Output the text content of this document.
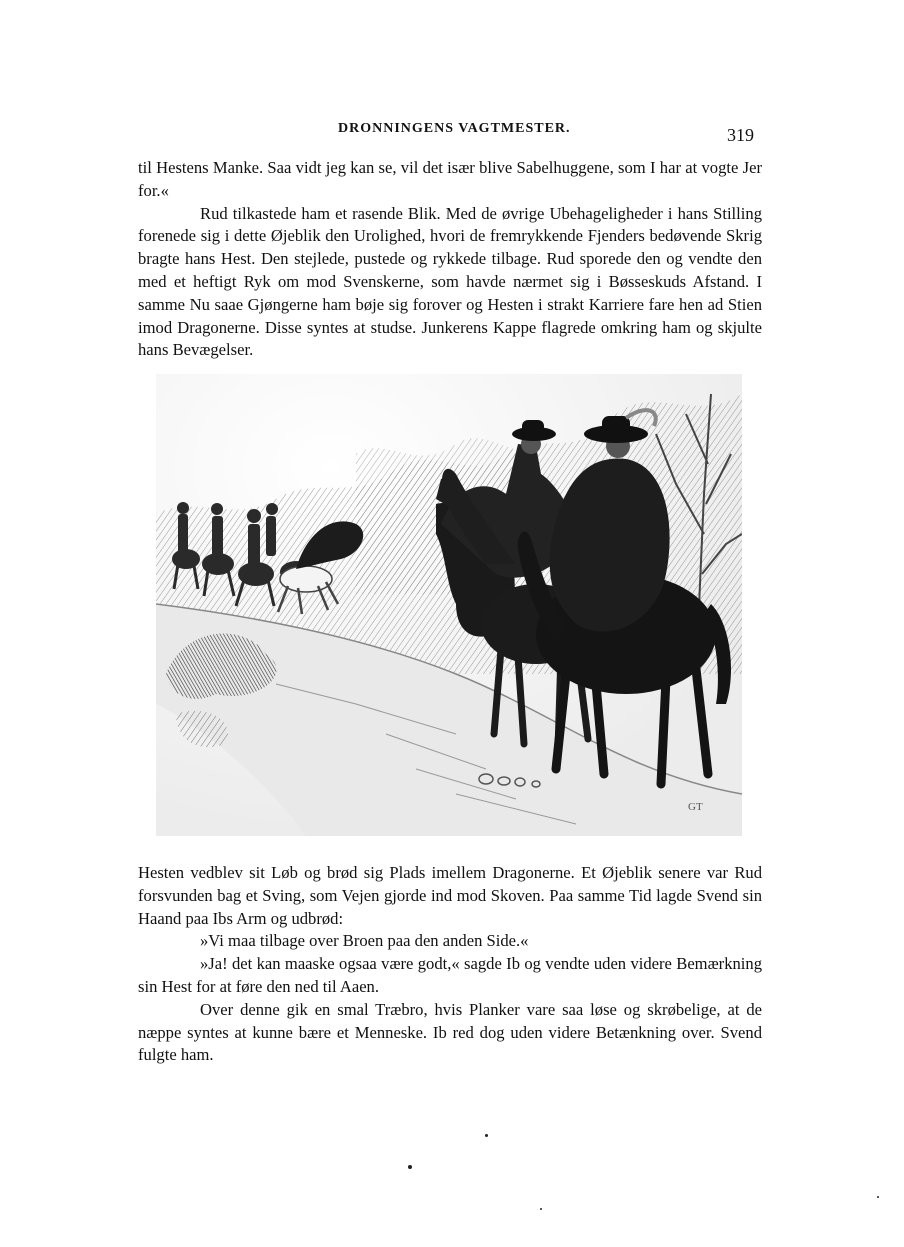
DRONNINGENS VAGTMESTER.	319

til Hestens Manke. Saa vidt jeg kan se, vil det især blive Sabelhuggene, som I har at vogte Jer for.«

Rud tilkastede ham et rasende Blik. Med de øvrige Ubehageligheder i hans Stilling forenede sig i dette Øjeblik den Urolighed, hvori de fremrykkende Fjenders bedøvende Skrig bragte hans Hest. Den stejlede, pustede og rykkede tilbage. Rud sporede den og vendte den med et heftigt Ryk om mod Svenskerne, som havde nærmet sig i Bøsseskuds Afstand. I samme Nu saae Gjøngerne ham bøje sig forover og Hesten i strakt Karriere fare hen ad Stien imod Dragonerne. Disse syntes at studse. Junkerens Kappe flagrede omkring ham og skjulte hans Bevægelser.

GT

Hesten vedblev sit Løb og brød sig Plads imellem Dragonerne. Et Øjeblik senere var Rud forsvunden bag et Sving, som Vejen gjorde ind mod Skoven. Paa samme Tid lagde Svend sin Haand paa Ibs Arm og udbrød:

»Vi maa tilbage over Broen paa den anden Side.«

»Ja! det kan maaske ogsaa være godt,« sagde Ib og vendte uden videre Bemærkning sin Hest for at føre den ned til Aaen.

Over denne gik en smal Træbro, hvis Planker vare saa løse og skrøbelige, at de næppe syntes at kunne bære et Menneske. Ib red dog uden videre Betænkning over. Svend fulgte ham.
